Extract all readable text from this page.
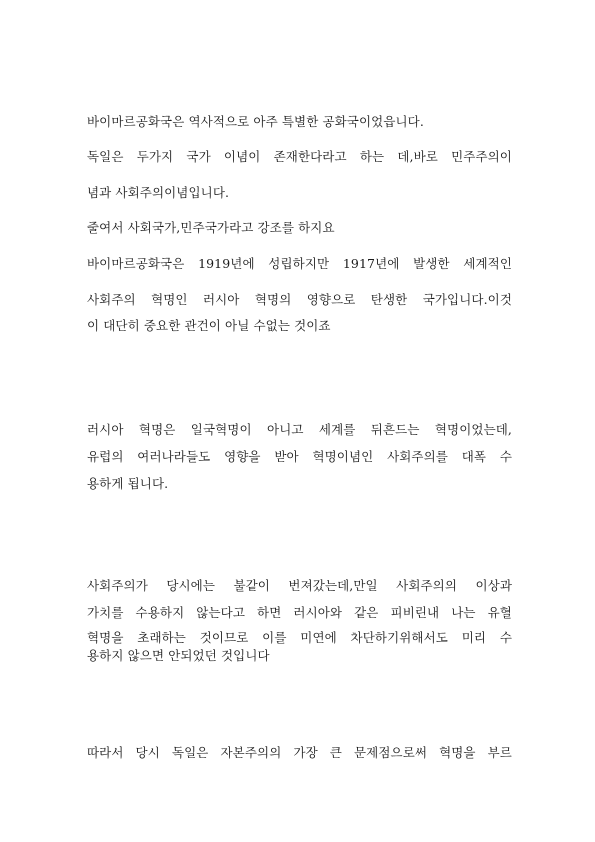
바이마르공화국은 역사적으로 아주 특별한 공화국이었읍니다.
독일은 두가지 국가 이념이 존재한다라고 하는 데,바로 민주주의이
념과 사회주의이념입니다.
줄여서 사회국가,민주국가라고 강조를 하지요
바이마르공화국은 1919년에 성립하지만 1917년에 발생한 세계적인
사회주의 혁명인 러시아 혁명의 영향으로 탄생한 국가입니다.이것
이 대단히 중요한 관건이 아닐 수없는 것이죠
러시아 혁명은 일국혁명이 아니고 세계를 뒤흔드는 혁명이었는데,
유럽의 여러나라들도 영향을 받아 혁명이념인 사회주의를 대폭 수
용하게 됩니다.
사회주의가 당시에는 불같이 번져갔는데,만일 사회주의의 이상과
가치를 수용하지 않는다고 하면 러시아와 같은 피비린내 나는 유혈
혁명을 초래하는 것이므로 이를 미연에 차단하기위해서도 미리 수
용하지 않으면 안되었던 것입니다
따라서 당시 독일은 자본주의의 가장 큰 문제점으로써 혁명을 부르
